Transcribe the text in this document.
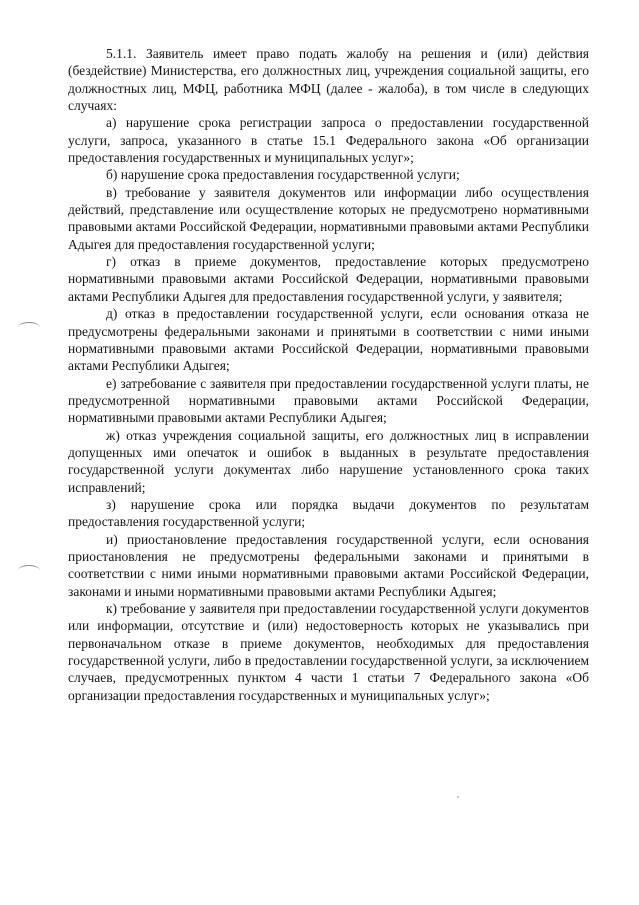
5.1.1. Заявитель имеет право подать жалобу на решения и (или) действия (бездействие) Министерства, его должностных лиц, учреждения социальной защиты, его должностных лиц, МФЦ, работника МФЦ (далее - жалоба), в том числе в следующих случаях:

а) нарушение срока регистрации запроса о предоставлении государственной услуги, запроса, указанного в статье 15.1 Федерального закона «Об организации предоставления государственных и муниципальных услуг»;

б) нарушение срока предоставления государственной услуги;

в) требование у заявителя документов или информации либо осуществления действий, представление или осуществление которых не предусмотрено нормативными правовыми актами Российской Федерации, нормативными правовыми актами Республики Адыгея для предоставления государственной услуги;

г) отказ в приеме документов, предоставление которых предусмотрено нормативными правовыми актами Российской Федерации, нормативными правовыми актами Республики Адыгея для предоставления государственной услуги, у заявителя;

д) отказ в предоставлении государственной услуги, если основания отказа не предусмотрены федеральными законами и принятыми в соответствии с ними иными нормативными правовыми актами Российской Федерации, нормативными правовыми актами Республики Адыгея;

е) затребование с заявителя при предоставлении государственной услуги платы, не предусмотренной нормативными правовыми актами Российской Федерации, нормативными правовыми актами Республики Адыгея;

ж) отказ учреждения социальной защиты, его должностных лиц в исправлении допущенных ими опечаток и ошибок в выданных в результате предоставления государственной услуги документах либо нарушение установленного срока таких исправлений;

з) нарушение срока или порядка выдачи документов по результатам предоставления государственной услуги;

и) приостановление предоставления государственной услуги, если основания приостановления не предусмотрены федеральными законами и принятыми в соответствии с ними иными нормативными правовыми актами Российской Федерации, законами и иными нормативными правовыми актами Республики Адыгея;

к) требование у заявителя при предоставлении государственной услуги документов или информации, отсутствие и (или) недостоверность которых не указывались при первоначальном отказе в приеме документов, необходимых для предоставления государственной услуги, либо в предоставлении государственной услуги, за исключением случаев, предусмотренных пунктом 4 части 1 статьи 7 Федерального закона «Об организации предоставления государственных и муниципальных услуг»;
